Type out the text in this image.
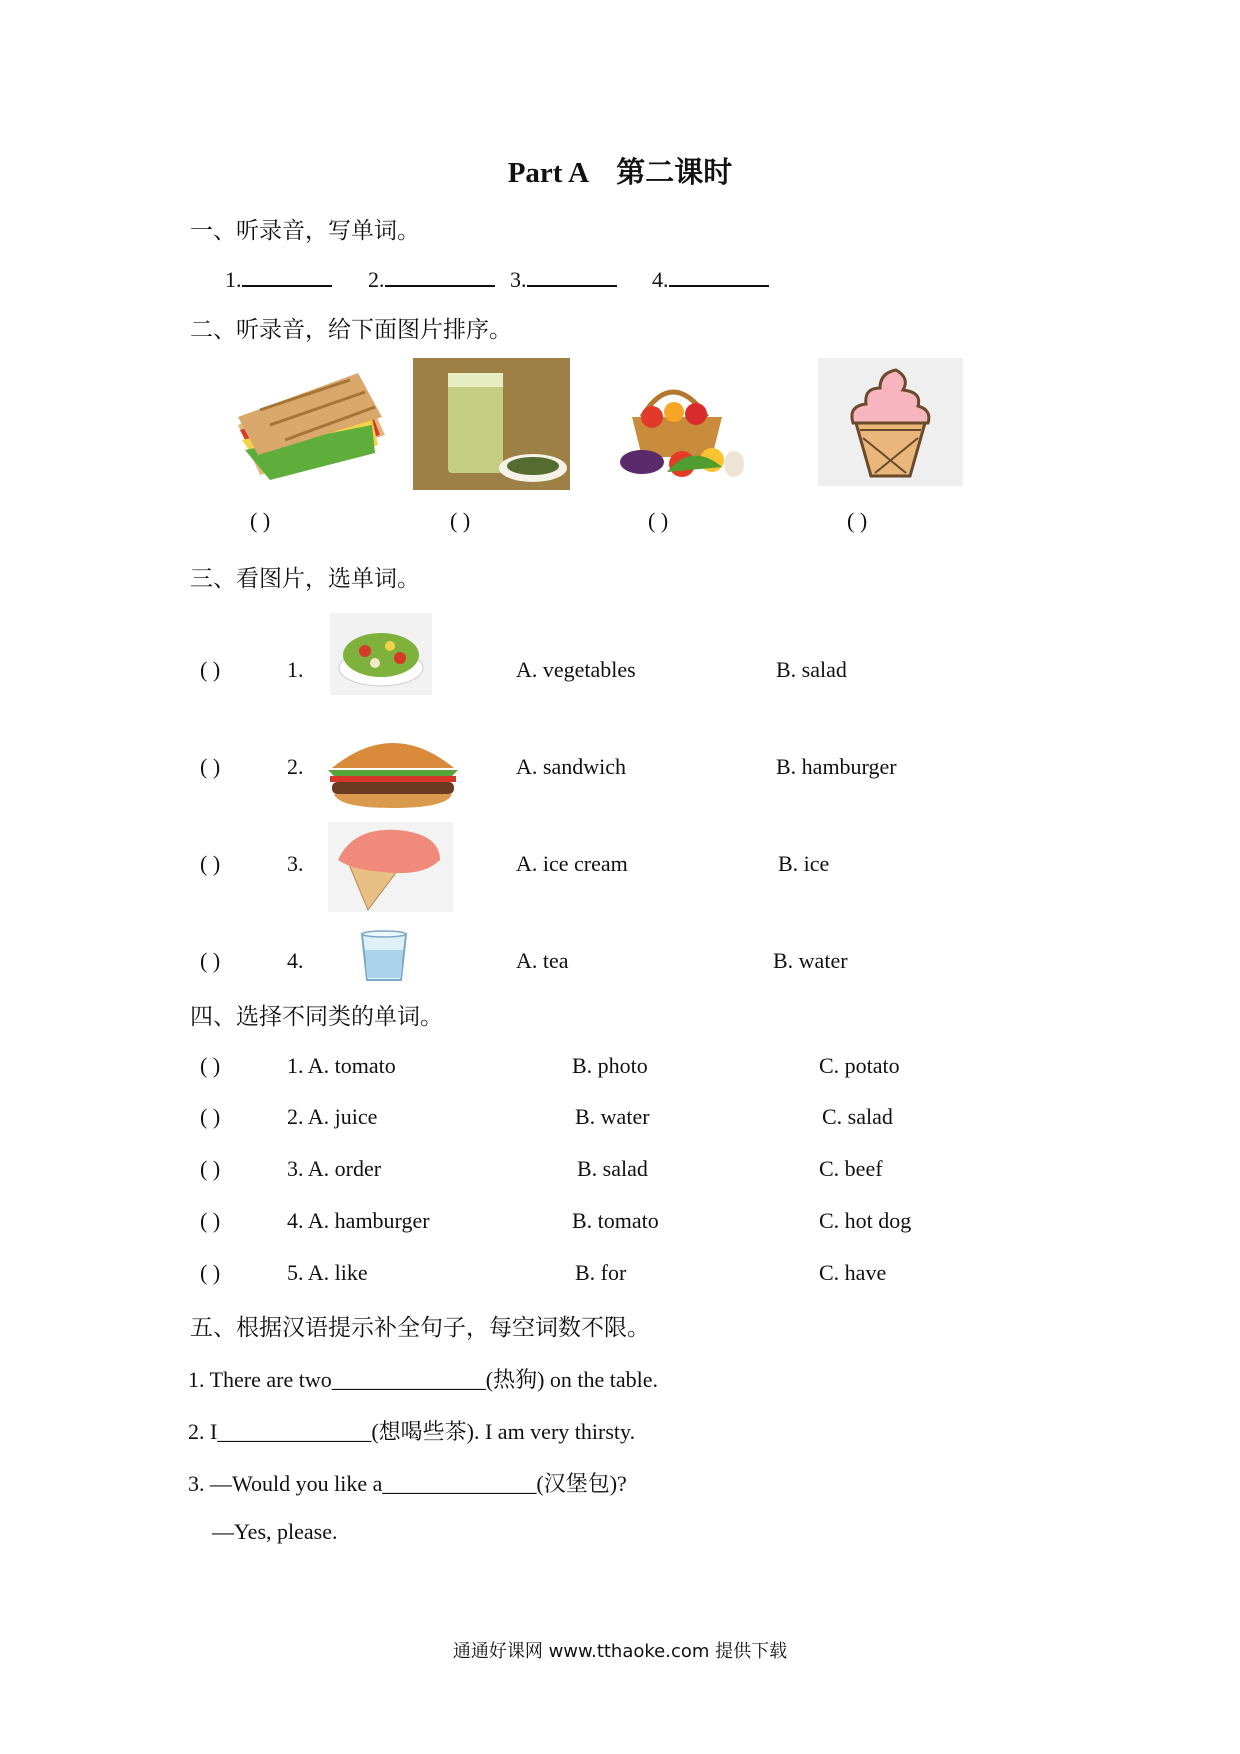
Part A 第二课时
一、听录音，写单词。
1.	2.	3.	4.
二、听录音，给下面图片排序。
( )	( )	( )	( )
三、看图片，选单词。
( )	1.	A. vegetables	B. salad
( )	2.	A. sandwich	B. hamburger
( )	3.	A. ice cream	B. ice
( )	4.	A. tea	B. water
四、选择不同类的单词。
( )	1. A. tomato	B. photo	C. potato
( )	2. A. juice	B. water	C. salad
( )	3. A. order	B. salad	C. beef
( )	4. A. hamburger	B. tomato	C. hot dog
( )	5. A. like	B. for	C. have
五、根据汉语提示补全句子，每空词数不限。
1. There are two______________(热狗) on the table.
2. I______________(想喝些茶). I am very thirsty.
3. —Would you like a______________(汉堡包)?
—Yes, please.
通通好课网 www.tthaoke.com 提供下载
